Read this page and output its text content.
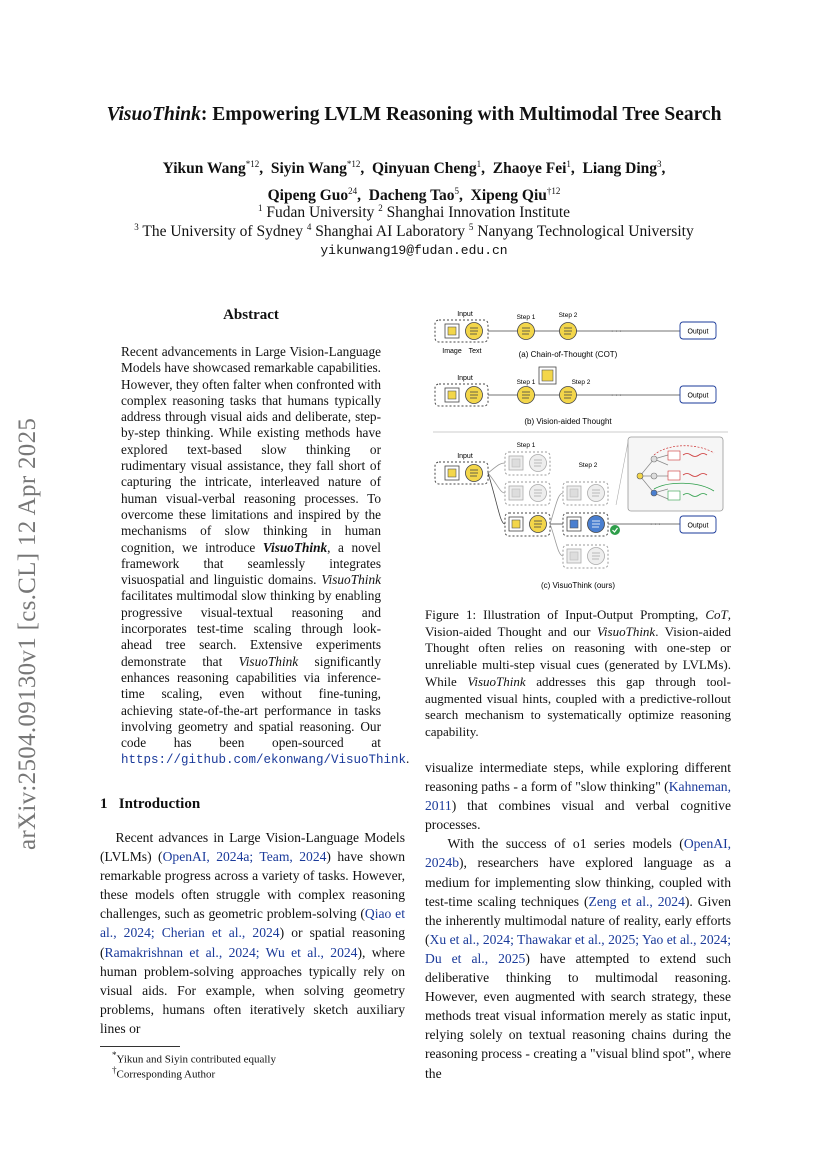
VisuoThink: Empowering LVLM Reasoning with Multimodal Tree Search
Yikun Wang$^{*12}$,  Siyin Wang$^{*12}$,  Qinyuan Cheng$^1$,  Zhaoye Fei$^1$,  Liang Ding$^3$,
Qipeng Guo$^{24}$,  Dacheng Tao$^5$,  Xipeng Qiu$^{\dagger 12}$
$^1$ Fudan University $^2$ Shanghai Innovation Institute
$^3$ The University of Sydney $^4$ Shanghai AI Laboratory $^5$ Nanyang Technological University
yikunwang19@fudan.edu.cn
arXiv:2504.09130v1 [cs.CL] 12 Apr 2025
Abstract
Recent advancements in Large Vision-Language Models have showcased remarkable capabilities. However, they often falter when confronted with complex reasoning tasks that humans typically address through visual aids and deliberate, step-by-step thinking. While existing methods have explored text-based slow thinking or rudimentary visual assistance, they fall short of capturing the intricate, interleaved nature of human visual-verbal reasoning processes. To overcome these limitations and inspired by the mechanisms of slow thinking in human cognition, we introduce VisuoThink, a novel framework that seamlessly integrates visuospatial and linguistic domains. VisuoThink facilitates multimodal slow thinking by enabling progressive visual-textual reasoning and incorporates test-time scaling through look-ahead tree search. Extensive experiments demonstrate that VisuoThink significantly enhances reasoning capabilities via inference-time scaling, even without fine-tuning, achieving state-of-the-art performance in tasks involving geometry and spatial reasoning. Our code has been open-sourced at https://github.com/ekonwang/VisuoThink.
1 Introduction
Recent advances in Large Vision-Language Models (LVLMs) (OpenAI, 2024a; Team, 2024) have shown remarkable progress across a variety of tasks. However, these models often struggle with complex reasoning challenges, such as geometric problem-solving (Qiao et al., 2024; Cherian et al., 2024) or spatial reasoning (Ramakrishnan et al., 2024; Wu et al., 2024), where human problem-solving approaches typically rely on visual aids. For example, when solving geometry problems, humans often iteratively sketch auxiliary lines or
*Yikun and Siyin contributed equally
†Corresponding Author
Input
Image Text
Step 1	Step 2
· · ·	Output
(a) Chain-of-Thought (COT)
Input
Step 1	Step 2
· · ·	Output
(b) Vision-aided Thought
Input
Step 1
Step 2
· · ·	Output
(c) VisuoThink (ours)
Figure 1: Illustration of Input-Output Prompting, CoT, Vision-aided Thought and our VisuoThink. Vision-aided Thought often relies on reasoning with one-step or unreliable multi-step visual cues (generated by LVLMs). While VisuoThink addresses this gap through tool-augmented visual hints, coupled with a predictive-rollout search mechanism to systematically optimize reasoning capability.
visualize intermediate steps, while exploring different reasoning paths - a form of "slow thinking" (Kahneman, 2011) that combines visual and verbal cognitive processes.
With the success of o1 series models (OpenAI, 2024b), researchers have explored language as a medium for implementing slow thinking, coupled with test-time scaling techniques (Zeng et al., 2024). Given the inherently multimodal nature of reality, early efforts (Xu et al., 2024; Thawakar et al., 2025; Yao et al., 2024; Du et al., 2025) have attempted to extend such deliberative thinking to multimodal reasoning. However, even augmented with search strategy, these methods treat visual information merely as static input, relying solely on textual reasoning chains during the reasoning process - creating a "visual blind spot", where the
